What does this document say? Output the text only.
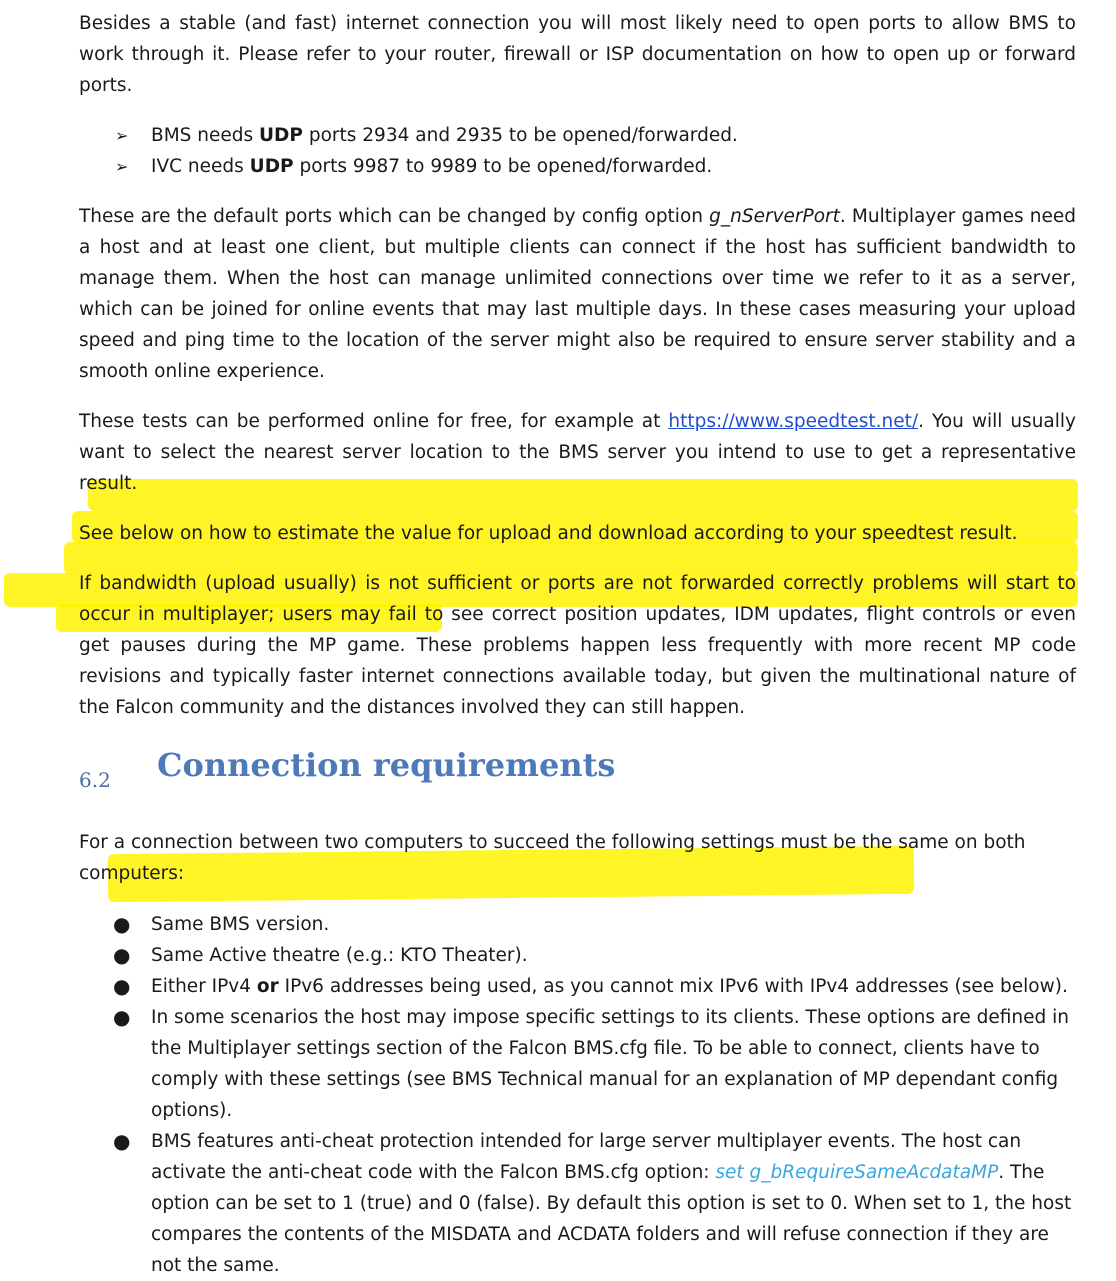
Besides a stable (and fast) internet connection you will most likely need to open ports to allow BMS to work through it. Please refer to your router, firewall or ISP documentation on how to open up or forward ports.

➢ BMS needs UDP ports 2934 and 2935 to be opened/forwarded.
➢ IVC needs UDP ports 9987 to 9989 to be opened/forwarded.

These are the default ports which can be changed by config option g_nServerPort. Multiplayer games need a host and at least one client, but multiple clients can connect if the host has sufficient bandwidth to manage them. When the host can manage unlimited connections over time we refer to it as a server, which can be joined for online events that may last multiple days. In these cases measuring your upload speed and ping time to the location of the server might also be required to ensure server stability and a smooth online experience.

These tests can be performed online for free, for example at https://www.speedtest.net/. You will usually want to select the nearest server location to the BMS server you intend to use to get a representative result.

See below on how to estimate the value for upload and download according to your speedtest result.

If bandwidth (upload usually) is not sufficient or ports are not forwarded correctly problems will start to occur in multiplayer; users may fail to see correct position updates, IDM updates, flight controls or even get pauses during the MP game. These problems happen less frequently with more recent MP code revisions and typically faster internet connections available today, but given the multinational nature of the Falcon community and the distances involved they can still happen.

6.2 Connection requirements

For a connection between two computers to succeed the following settings must be the same on both computers:

● Same BMS version.
● Same Active theatre (e.g.: KTO Theater).
● Either IPv4 or IPv6 addresses being used, as you cannot mix IPv6 with IPv4 addresses (see below).
● In some scenarios the host may impose specific settings to its clients. These options are defined in the Multiplayer settings section of the Falcon BMS.cfg file. To be able to connect, clients have to comply with these settings (see BMS Technical manual for an explanation of MP dependant config options).
● BMS features anti-cheat protection intended for large server multiplayer events. The host can activate the anti-cheat code with the Falcon BMS.cfg option: set g_bRequireSameAcdataMP. The option can be set to 1 (true) and 0 (false). By default this option is set to 0. When set to 1, the host compares the contents of the MISDATA and ACDATA folders and will refuse connection if they are not the same.
